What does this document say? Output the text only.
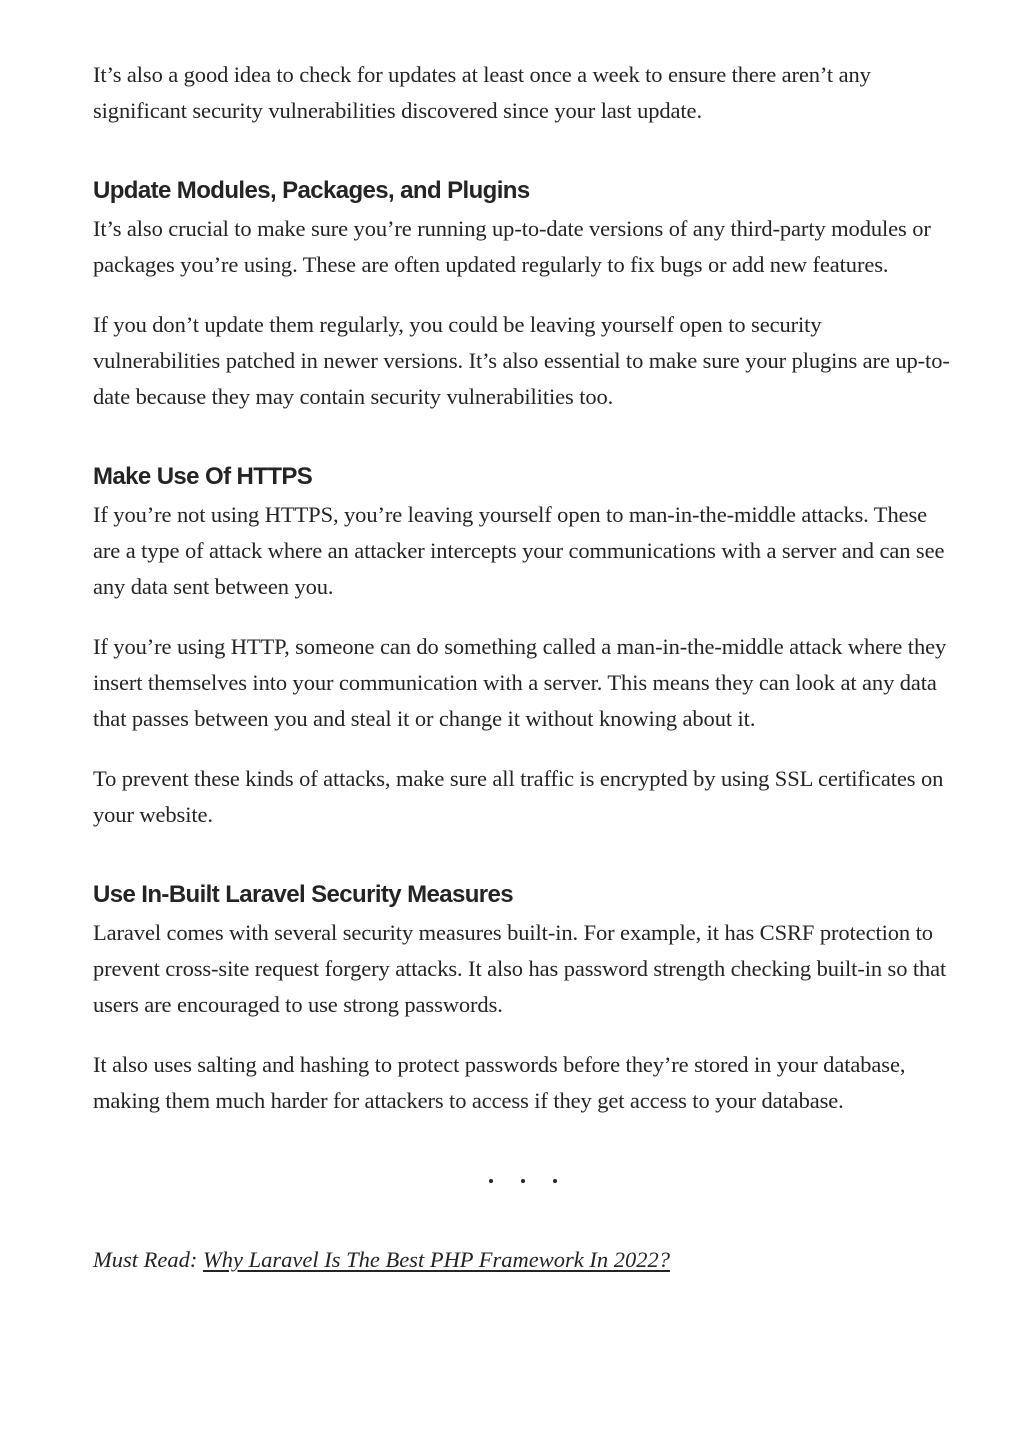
It’s also a good idea to check for updates at least once a week to ensure there aren’t any significant security vulnerabilities discovered since your last update.

Update Modules, Packages, and Plugins

It’s also crucial to make sure you’re running up-to-date versions of any third-party modules or packages you’re using. These are often updated regularly to fix bugs or add new features.

If you don’t update them regularly, you could be leaving yourself open to security vulnerabilities patched in newer versions. It’s also essential to make sure your plugins are up-to-date because they may contain security vulnerabilities too.

Make Use Of HTTPS

If you’re not using HTTPS, you’re leaving yourself open to man-in-the-middle attacks. These are a type of attack where an attacker intercepts your communications with a server and can see any data sent between you.

If you’re using HTTP, someone can do something called a man-in-the-middle attack where they insert themselves into your communication with a server. This means they can look at any data that passes between you and steal it or change it without knowing about it.

To prevent these kinds of attacks, make sure all traffic is encrypted by using SSL certificates on your website.

Use In-Built Laravel Security Measures

Laravel comes with several security measures built-in. For example, it has CSRF protection to prevent cross-site request forgery attacks. It also has password strength checking built-in so that users are encouraged to use strong passwords.

It also uses salting and hashing to protect passwords before they’re stored in your database, making them much harder for attackers to access if they get access to your database.

Must Read: Why Laravel Is The Best PHP Framework In 2022?
